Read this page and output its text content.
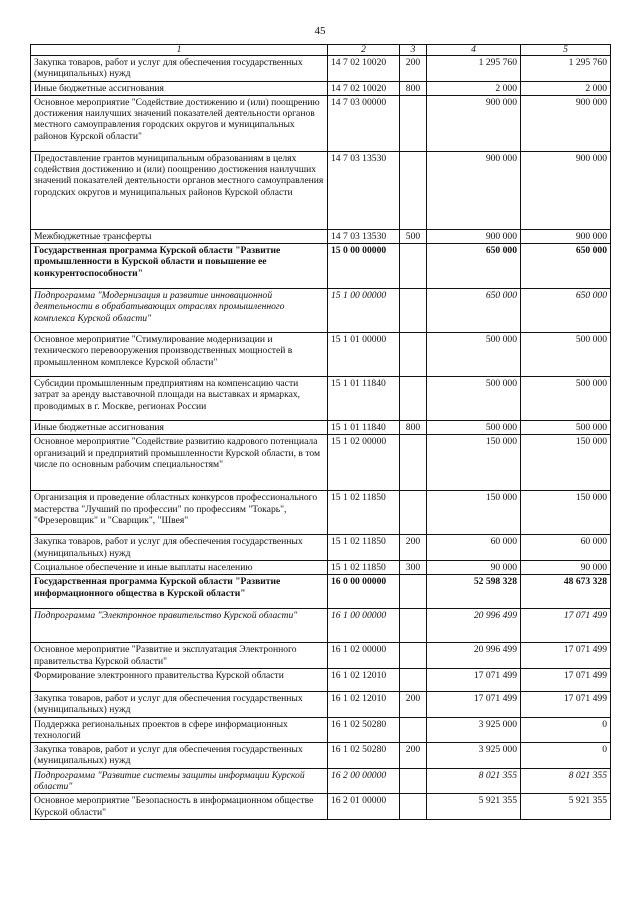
45
1	2	3	4	5
Закупка товаров, работ и услуг для обеспечения государственных (муниципальных) нужд	14 7 02 10020	200	1 295 760	1 295 760
Иные бюджетные ассигнования	14 7 02 10020	800	2 000	2 000
Основное мероприятие "Содействие достижению и (или) поощрению достижения наилучших значений показателей деятельности органов местного самоуправления городских округов и муниципальных районов Курской области"	14 7 03 00000		900 000	900 000
Предоставление грантов муниципальным образованиям в целях содействия достижению и (или) поощрению достижения наилучших значений показателей деятельности органов местного самоуправления городских округов и муниципальных районов Курской области	14 7 03 13530		900 000	900 000
Межбюджетные трансферты	14 7 03 13530	500	900 000	900 000
Государственная программа Курской области "Развитие промышленности в Курской области и повышение ее конкурентоспособности"	15 0 00 00000		650 000	650 000
Подпрограмма "Модернизация и развитие инновационной деятельности в обрабатывающих отраслях промышленного комплекса Курской области"	15 1 00 00000		650 000	650 000
Основное мероприятие "Стимулирование модернизации и технического перевооружения производственных мощностей в промышленном комплексе Курской области"	15 1 01 00000		500 000	500 000
Субсидии промышленным предприятиям на компенсацию части затрат за аренду выставочной площади на выставках и ярмарках, проводимых в г. Москве, регионах России	15 1 01 11840		500 000	500 000
Иные бюджетные ассигнования	15 1 01 11840	800	500 000	500 000
Основное мероприятие "Содействие развитию кадрового потенциала организаций и предприятий промышленности Курской области, в том числе по основным рабочим специальностям"	15 1 02 00000		150 000	150 000
Организация и проведение областных конкурсов профессионального мастерства "Лучший по профессии" по профессиям "Токарь", "Фрезеровщик" и "Сварщик", "Швея"	15 1 02 11850		150 000	150 000
Закупка товаров, работ и услуг для обеспечения государственных (муниципальных) нужд	15 1 02 11850	200	60 000	60 000
Социальное обеспечение и иные выплаты населению	15 1 02 11850	300	90 000	90 000
Государственная программа Курской области "Развитие информационного общества в Курской области"	16 0 00 00000		52 598 328	48 673 328
Подпрограмма "Электронное правительство Курской области"	16 1 00 00000		20 996 499	17 071 499
Основное мероприятие "Развитие и эксплуатация Электронного правительства Курской области"	16 1 02 00000		20 996 499	17 071 499
Формирование электронного правительства Курской области	16 1 02 12010		17 071 499	17 071 499
Закупка товаров, работ и услуг для обеспечения государственных (муниципальных) нужд	16 1 02 12010	200	17 071 499	17 071 499
Поддержка региональных проектов в сфере информационных технологий	16 1 02 50280		3 925 000	0
Закупка товаров, работ и услуг для обеспечения государственных (муниципальных) нужд	16 1 02 50280	200	3 925 000	0
Подпрограмма "Развитие системы защиты информации Курской области"	16 2 00 00000		8 021 355	8 021 355
Основное мероприятие "Безопасность в информационном обществе Курской области"	16 2 01 00000		5 921 355	5 921 355
